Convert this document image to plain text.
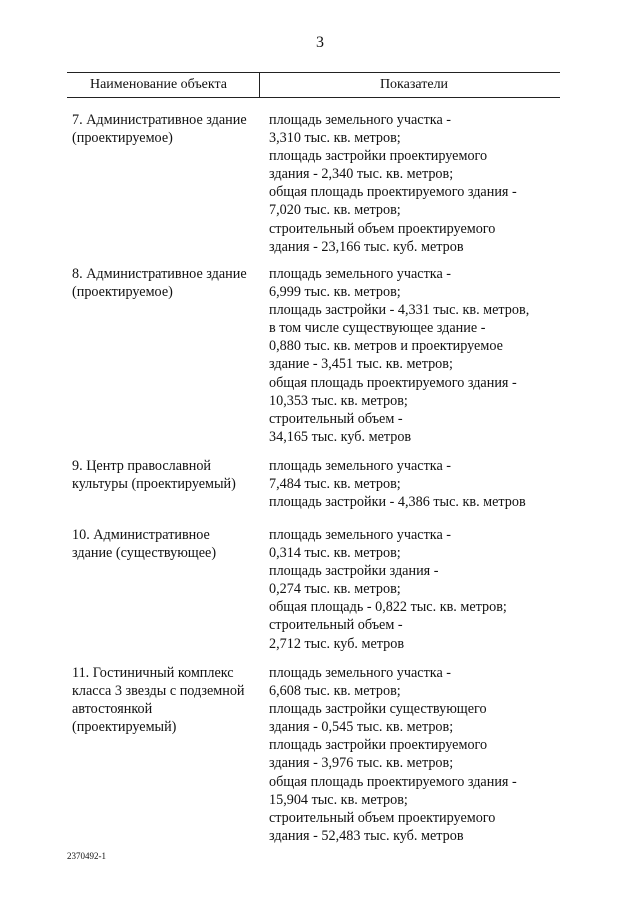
3
Наименование объекта	Показатели
7. Административное здание
(проектируемое)
площадь земельного участка -
3,310 тыс. кв. метров;
площадь застройки проектируемого
здания - 2,340 тыс. кв. метров;
общая площадь проектируемого здания -
7,020 тыс. кв. метров;
строительный объем проектируемого
здания - 23,166 тыс. куб. метров
8. Административное здание
(проектируемое)
площадь земельного участка -
6,999 тыс. кв. метров;
площадь застройки - 4,331 тыс. кв. метров,
в том числе существующее здание -
0,880 тыс. кв. метров и проектируемое
здание - 3,451 тыс. кв. метров;
общая площадь проектируемого здания -
10,353 тыс. кв. метров;
строительный объем -
34,165 тыс. куб. метров
9. Центр православной
культуры (проектируемый)
площадь земельного участка -
7,484 тыс. кв. метров;
площадь застройки - 4,386 тыс. кв. метров
10. Административное
здание (существующее)
площадь земельного участка -
0,314 тыс. кв. метров;
площадь застройки здания -
0,274 тыс. кв. метров;
общая площадь - 0,822 тыс. кв. метров;
строительный объем -
2,712 тыс. куб. метров
11. Гостиничный комплекс
класса 3 звезды с подземной
автостоянкой
(проектируемый)
площадь земельного участка -
6,608 тыс. кв. метров;
площадь застройки существующего
здания - 0,545 тыс. кв. метров;
площадь застройки проектируемого
здания - 3,976 тыс. кв. метров;
общая площадь проектируемого здания -
15,904 тыс. кв. метров;
строительный объем проектируемого
здания - 52,483 тыс. куб. метров
2370492-1
